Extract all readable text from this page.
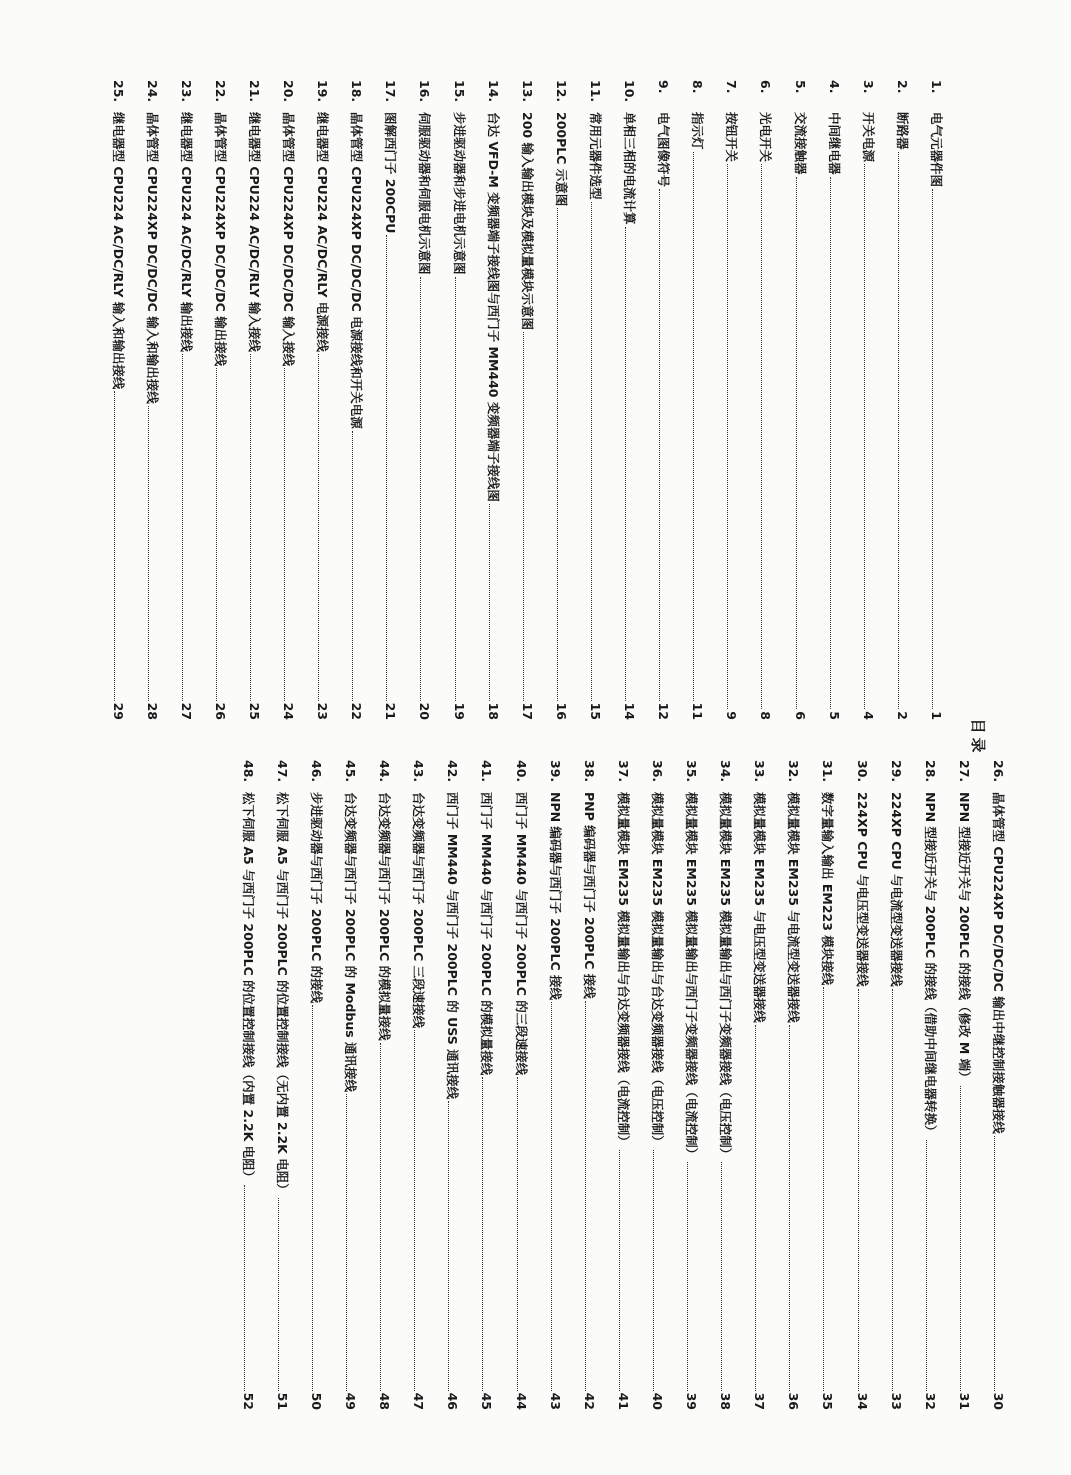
目录
1.
电气元器件图
1
2.
断路器
2
3.
开关电源
4
4.
中间继电器
5
5.
交流接触器
6
6.
光电开关
8
7.
按钮开关
9
8.
指示灯
11
9.
电气图像符号
12
10.
单相三相的电流计算
14
11.
常用元器件选型
15
12.
200PLC 示意图
16
13.
200 输入输出模块及模拟量模块示意图
17
14.
台达 VFD-M 变频器端子接线图与西门子 MM440 变频器端子接线图
18
15.
步进驱动器和步进电机示意图
19
16.
伺服驱动器和伺服电机示意图
20
17.
图解西门子 200CPU
21
18.
晶体管型 CPU224XP DC/DC/DC 电源接线和开关电源
22
19.
继电器型 CPU224 AC/DC/RLY 电源接线
23
20.
晶体管型 CPU224XP DC/DC/DC 输入接线
24
21.
继电器型 CPU224 AC/DC/RLY 输入接线
25
22.
晶体管型 CPU224XP DC/DC/DC 输出接线
26
23.
继电器型 CPU224 AC/DC/RLY 输出接线
27
24.
晶体管型 CPU224XP DC/DC/DC 输入和输出接线
28
25.
继电器型 CPU224 AC/DC/RLY 输入和输出接线
29
26.
晶体管型 CPU224XP DC/DC/DC 输出中继控制接触器接线
30
27.
NPN 型接近开关与 200PLC 的接线（修改 M 端）
31
28.
NPN 型接近开关与 200PLC 的接线（借助中间继电器转换）
32
29.
224XP CPU 与电流型变送器接线
33
30.
224XP CPU 与电压型变送器接线
34
31.
数字量输入输出 EM223 模块接线
35
32.
模拟量模块 EM235 与电流型变送器接线
36
33.
模拟量模块 EM235 与电压型变送器接线
37
34.
模拟量模块 EM235 模拟量输出与西门子变频器接线（电压控制）
38
35.
模拟量模块 EM235 模拟量输出与西门子变频器接线（电流控制）
39
36.
模拟量模块 EM235 模拟量输出与台达变频器接线（电压控制）
40
37.
模拟量模块 EM235 模拟量输出与台达变频器接线（电流控制）
41
38.
PNP 编码器与西门子 200PLC 接线
42
39.
NPN 编码器与西门子 200PLC 接线
43
40.
西门子 MM440 与西门子 200PLC 的三段速接线
44
41.
西门子 MM440 与西门子 200PLC 的模拟量接线
45
42.
西门子 MM440 与西门子 200PLC 的 USS 通讯接线
46
43.
台达变频器与西门子 200PLC 三段速接线
47
44.
台达变频器与西门子 200PLC 的模拟量接线
48
45.
台达变频器与西门子 200PLC 的 Modbus 通讯接线
49
46.
步进驱动器与西门子 200PLC 的接线
50
47.
松下伺服 A5 与西门子 200PLC 的位置控制接线（无内置 2.2K 电阻）
51
48.
松下伺服 A5 与西门子 200PLC 的位置控制接线（内置 2.2K 电阻）
52
